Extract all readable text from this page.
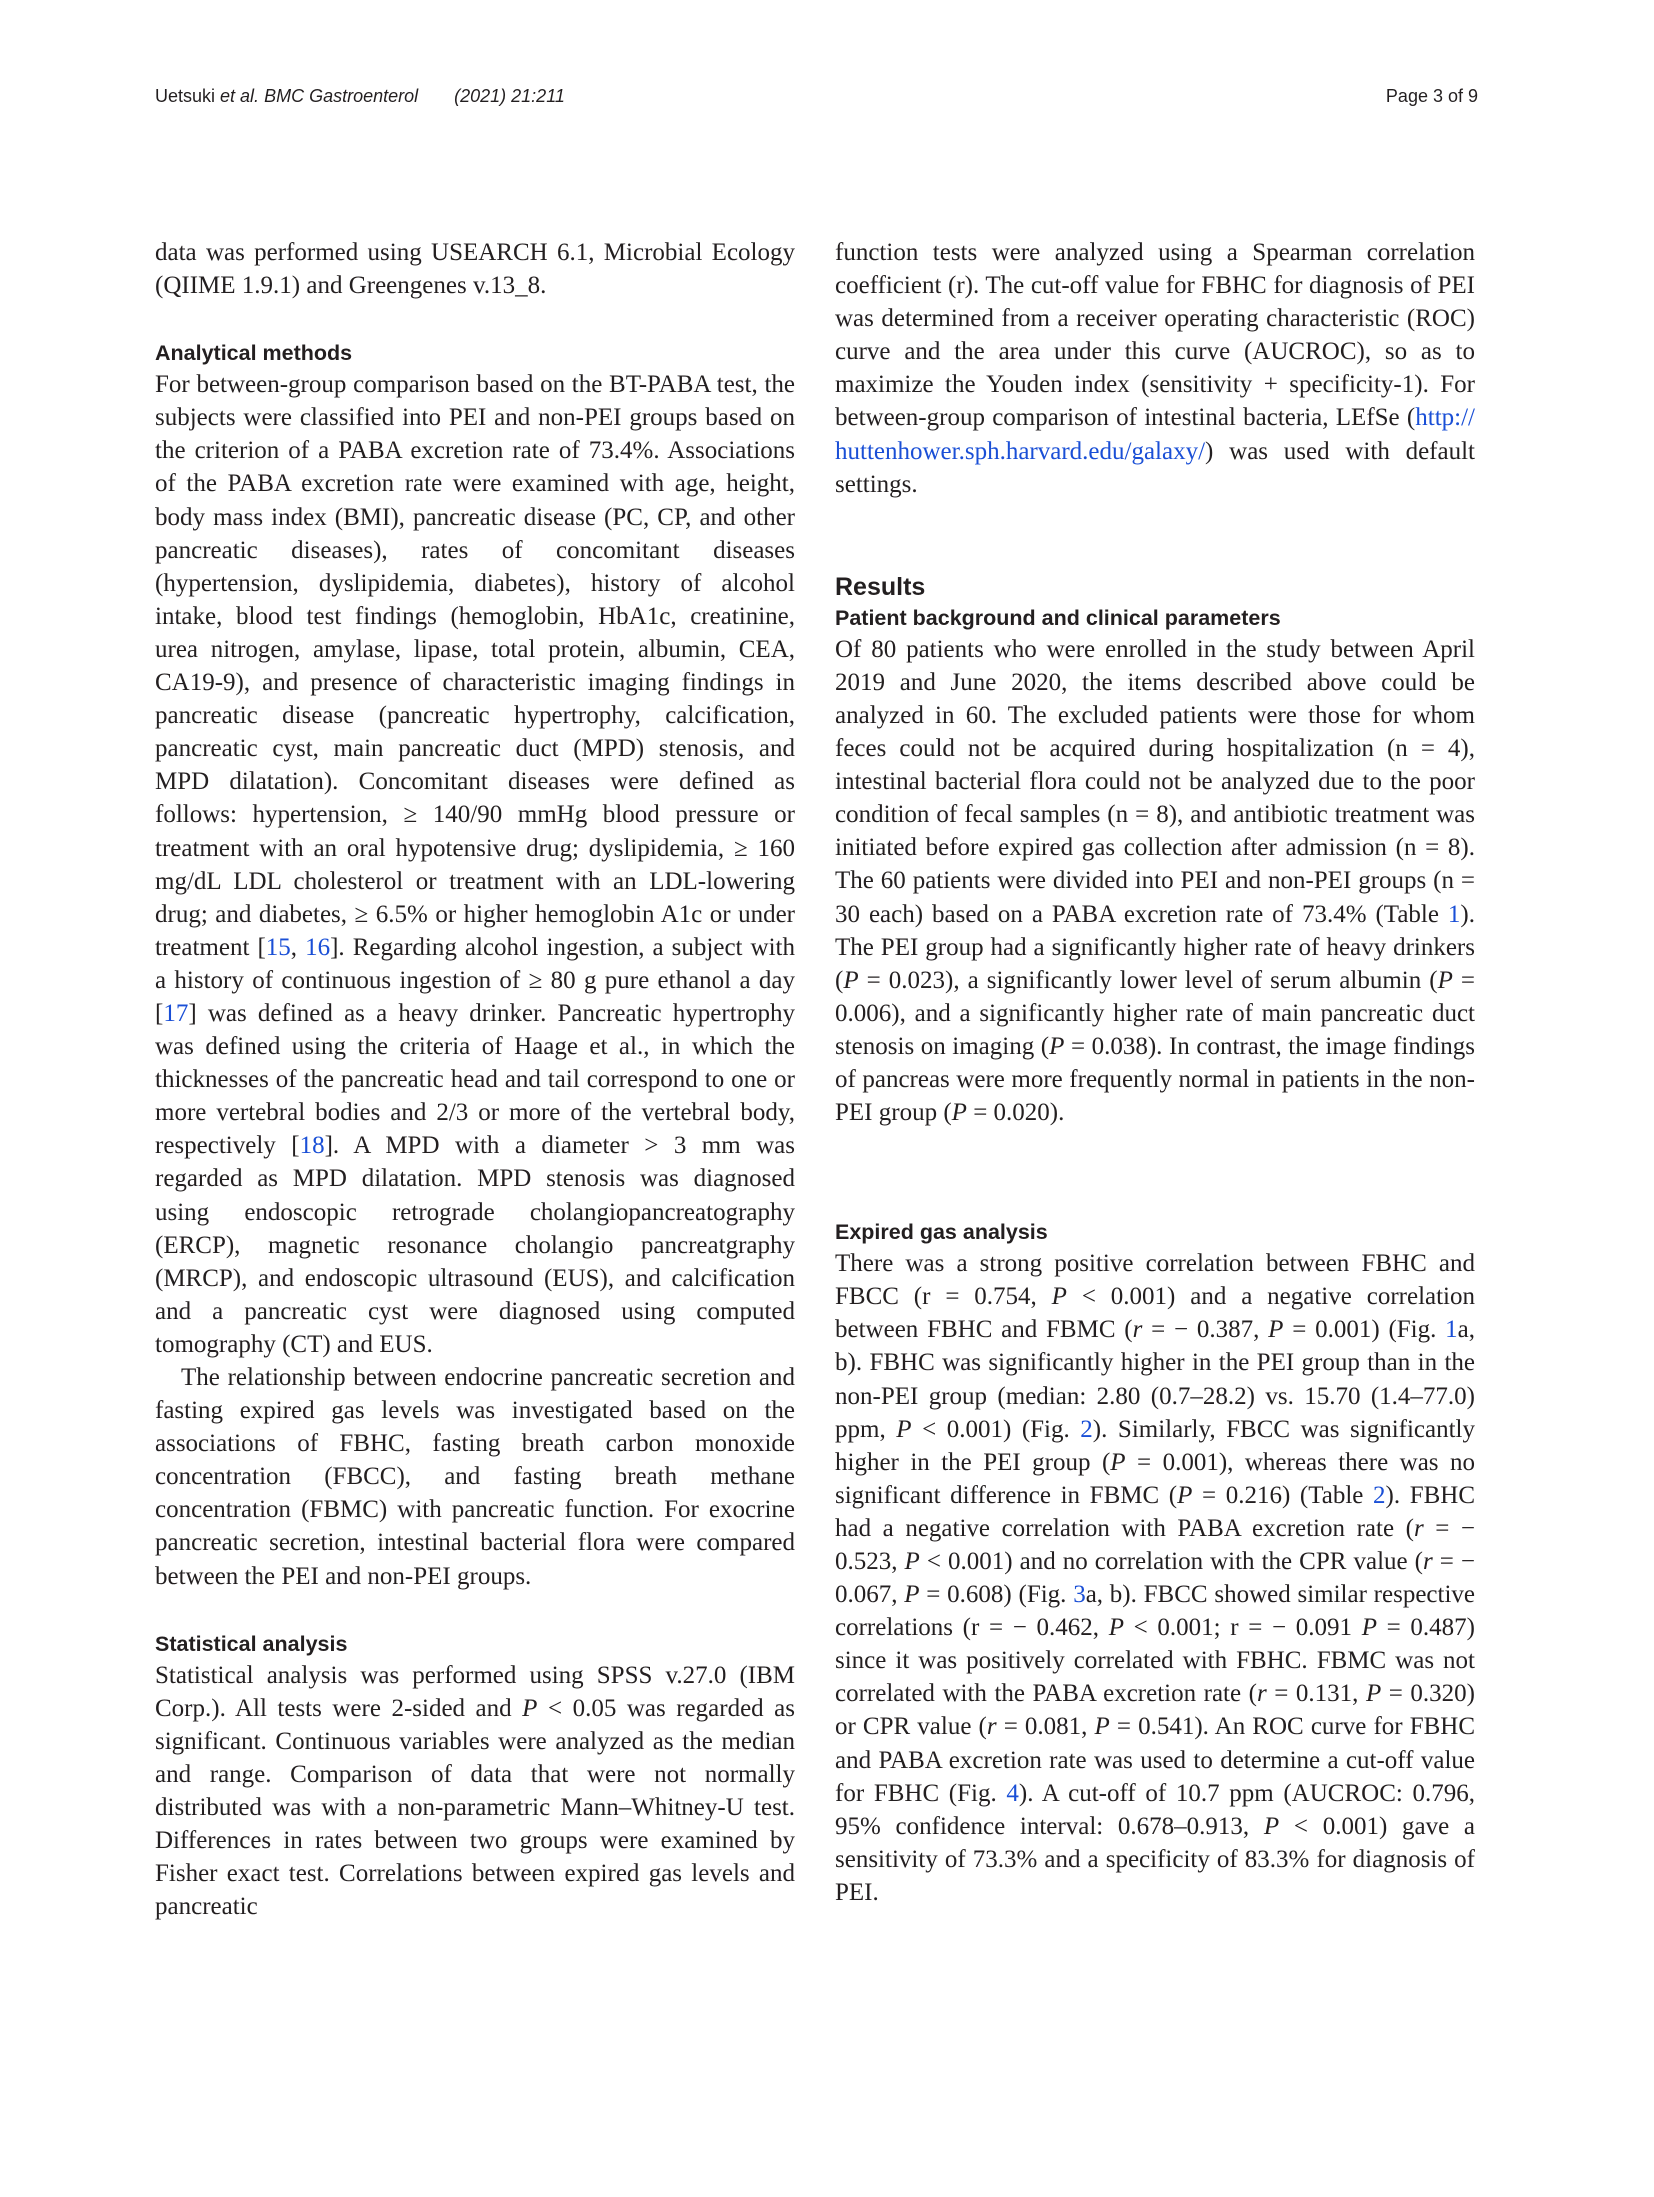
Uetsuki et al. BMC Gastroenterol (2021) 21:211	Page 3 of 9

data was performed using USEARCH 6.1, Microbial Ecology (QIIME 1.9.1) and Greengenes v.13_8.

Analytical methods

For between-group comparison based on the BT-PABA test, the subjects were classified into PEI and non-PEI groups based on the criterion of a PABA excretion rate of 73.4%. Associations of the PABA excretion rate were examined with age, height, body mass index (BMI), pancreatic disease (PC, CP, and other pancreatic diseases), rates of concomitant diseases (hypertension, dyslipidemia, diabetes), history of alcohol intake, blood test findings (hemoglobin, HbA1c, creatinine, urea nitrogen, amylase, lipase, total protein, albumin, CEA, CA19-9), and presence of characteristic imaging findings in pancreatic disease (pancreatic hypertrophy, calcification, pancreatic cyst, main pancreatic duct (MPD) stenosis, and MPD dilatation). Concomitant diseases were defined as follows: hypertension, ≥ 140/90 mmHg blood pressure or treatment with an oral hypotensive drug; dyslipidemia, ≥ 160 mg/dL LDL cholesterol or treatment with an LDL-lowering drug; and diabetes, ≥ 6.5% or higher hemoglobin A1c or under treatment [15, 16]. Regarding alcohol ingestion, a subject with a history of continuous ingestion of ≥ 80 g pure ethanol a day [17] was defined as a heavy drinker. Pancreatic hypertrophy was defined using the criteria of Haage et al., in which the thicknesses of the pancreatic head and tail correspond to one or more vertebral bodies and 2/3 or more of the vertebral body, respectively [18]. A MPD with a diameter > 3 mm was regarded as MPD dilatation. MPD stenosis was diagnosed using endoscopic retrograde cholangiopancreatography (ERCP), magnetic resonance cholangio pancreatgraphy (MRCP), and endoscopic ultrasound (EUS), and calcification and a pancreatic cyst were diagnosed using computed tomography (CT) and EUS.

The relationship between endocrine pancreatic secretion and fasting expired gas levels was investigated based on the associations of FBHC, fasting breath carbon monoxide concentration (FBCC), and fasting breath methane concentration (FBMC) with pancreatic function. For exocrine pancreatic secretion, intestinal bacterial flora were compared between the PEI and non-PEI groups.

Statistical analysis

Statistical analysis was performed using SPSS v.27.0 (IBM Corp.). All tests were 2-sided and P < 0.05 was regarded as significant. Continuous variables were analyzed as the median and range. Comparison of data that were not normally distributed was with a non-parametric Mann–Whitney-U test. Differences in rates between two groups were examined by Fisher exact test. Correlations between expired gas levels and pancreatic

function tests were analyzed using a Spearman correlation coefficient (r). The cut-off value for FBHC for diagnosis of PEI was determined from a receiver operating characteristic (ROC) curve and the area under this curve (AUCROC), so as to maximize the Youden index (sensitivity + specificity-1). For between-group comparison of intestinal bacteria, LEfSe (http://huttenhower.sph.harvard.edu/galaxy/) was used with default settings.

Results
Patient background and clinical parameters

Of 80 patients who were enrolled in the study between April 2019 and June 2020, the items described above could be analyzed in 60. The excluded patients were those for whom feces could not be acquired during hospitalization (n = 4), intestinal bacterial flora could not be analyzed due to the poor condition of fecal samples (n = 8), and antibiotic treatment was initiated before expired gas collection after admission (n = 8). The 60 patients were divided into PEI and non-PEI groups (n = 30 each) based on a PABA excretion rate of 73.4% (Table 1). The PEI group had a significantly higher rate of heavy drinkers (P = 0.023), a significantly lower level of serum albumin (P = 0.006), and a significantly higher rate of main pancreatic duct stenosis on imaging (P = 0.038). In contrast, the image findings of pancreas were more frequently normal in patients in the non-PEI group (P = 0.020).

Expired gas analysis

There was a strong positive correlation between FBHC and FBCC (r = 0.754, P < 0.001) and a negative correlation between FBHC and FBMC (r = − 0.387, P = 0.001) (Fig. 1a, b). FBHC was significantly higher in the PEI group than in the non-PEI group (median: 2.80 (0.7–28.2) vs. 15.70 (1.4–77.0) ppm, P < 0.001) (Fig. 2). Similarly, FBCC was significantly higher in the PEI group (P = 0.001), whereas there was no significant difference in FBMC (P = 0.216) (Table 2). FBHC had a negative correlation with PABA excretion rate (r = − 0.523, P < 0.001) and no correlation with the CPR value (r = − 0.067, P = 0.608) (Fig. 3a, b). FBCC showed similar respective correlations (r = − 0.462, P < 0.001; r = − 0.091 P = 0.487) since it was positively correlated with FBHC. FBMC was not correlated with the PABA excretion rate (r = 0.131, P = 0.320) or CPR value (r = 0.081, P = 0.541). An ROC curve for FBHC and PABA excretion rate was used to determine a cut-off value for FBHC (Fig. 4). A cut-off of 10.7 ppm (AUCROC: 0.796, 95% confidence interval: 0.678–0.913, P < 0.001) gave a sensitivity of 73.3% and a specificity of 83.3% for diagnosis of PEI.
